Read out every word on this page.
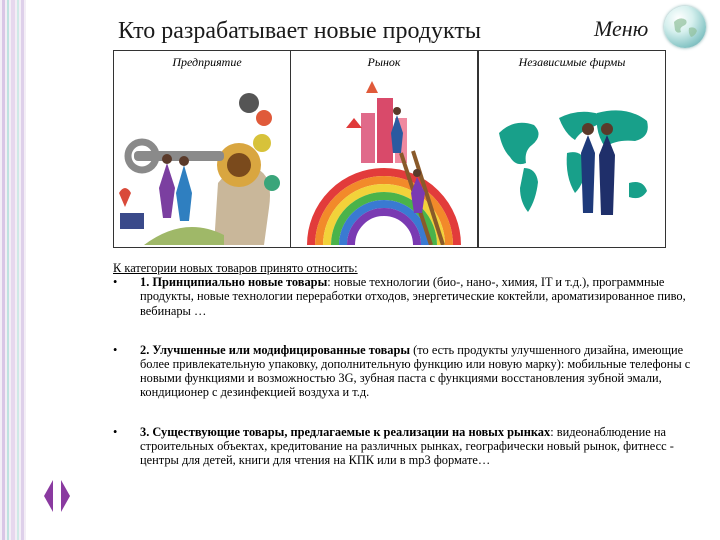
Кто разрабатывает новые продукты	Меню
Предприятие	Рынок	Независимые фирмы

К категории новых товаров принято относить:

• 1. Принципиально новые товары: новые технологии (био-, нано-, химия, IT и т.д.), программные продукты, новые технологии переработки отходов, энергетические коктейли, ароматизированное пиво, вебинары …

• 2. Улучшенные или модифицированные товары (то есть продукты улучшенного дизайна, имеющие более привлекательную упаковку, дополнительную функцию или новую марку): мобильные телефоны с новыми функциями и возможностью 3G, зубная паста с функциями восстановления зубной эмали, кондиционер с дезинфекцией воздуха и т.д.

• 3. Существующие товары, предлагаемые к реализации на новых рынках: видеонаблюдение на строительных объектах, кредитование на различных рынках, географически новый рынок, фитнесс - центры для детей, книги для чтения на КПК или в mp3 формате…
